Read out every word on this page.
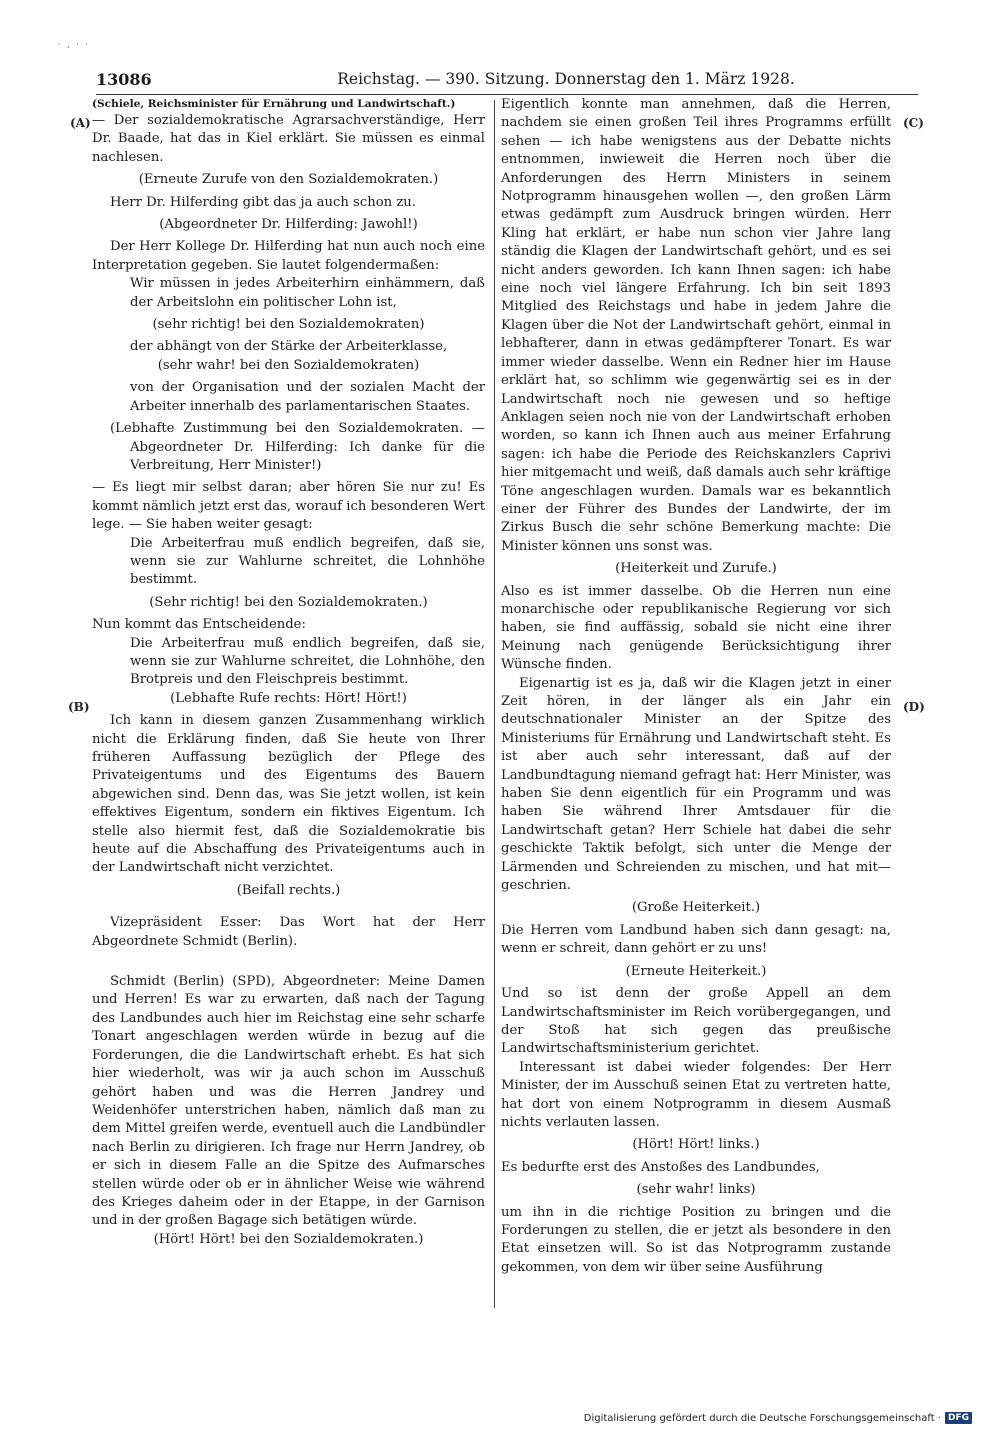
· , · ·
13086	Reichstag. — 390. Sitzung. Donnerstag den 1. März 1928.
(A)
(B)
(C)
(D)

(Schiele, Reichsminister für Ernährung und Landwirtschaft.)

— Der sozialdemokratische Agrarsachverständige, Herr Dr. Baade, hat das in Kiel erklärt. Sie müssen es einmal nachlesen.

(Erneute Zurufe von den Sozialdemokraten.)

Herr Dr. Hilferding gibt das ja auch schon zu.

(Abgeordneter Dr. Hilferding: Jawohl!)

Der Herr Kollege Dr. Hilferding hat nun auch noch eine Interpretation gegeben. Sie lautet folgendermaßen:

Wir müssen in jedes Arbeiterhirn einhämmern, daß der Arbeitslohn ein politischer Lohn ist,

(sehr richtig! bei den Sozialdemokraten)

der abhängt von der Stärke der Arbeiterklasse,

(sehr wahr! bei den Sozialdemokraten)

von der Organisation und der sozialen Macht der Arbeiter innerhalb des parlamentarischen Staates.

(Lebhafte Zustimmung bei den Sozialdemokraten. — Abgeordneter Dr. Hilferding: Ich danke für die Verbreitung, Herr Minister!)

— Es liegt mir selbst daran; aber hören Sie nur zu! Es kommt nämlich jetzt erst das, worauf ich besonderen Wert lege. — Sie haben weiter gesagt:

Die Arbeiterfrau muß endlich begreifen, daß sie, wenn sie zur Wahlurne schreitet, die Lohnhöhe bestimmt.

(Sehr richtig! bei den Sozialdemokraten.)

Nun kommt das Entscheidende:

Die Arbeiterfrau muß endlich begreifen, daß sie, wenn sie zur Wahlurne schreitet, die Lohnhöhe, den Brotpreis und den Fleischpreis bestimmt.

(Lebhafte Rufe rechts: Hört! Hört!)

Ich kann in diesem ganzen Zusammenhang wirklich nicht die Erklärung finden, daß Sie heute von Ihrer früheren Auffassung bezüglich der Pflege des Privateigentums und des Eigentums des Bauern abgewichen sind. Denn das, was Sie jetzt wollen, ist kein effektives Eigentum, sondern ein fiktives Eigentum. Ich stelle also hiermit fest, daß die Sozialdemokratie bis heute auf die Abschaffung des Privateigentums auch in der Landwirtschaft nicht verzichtet.

(Beifall rechts.)

Vizepräsident Esser: Das Wort hat der Herr Abgeordnete Schmidt (Berlin).

Schmidt (Berlin) (SPD), Abgeordneter: Meine Damen und Herren! Es war zu erwarten, daß nach der Tagung des Landbundes auch hier im Reichstag eine sehr scharfe Tonart angeschlagen werden würde in bezug auf die Forderungen, die die Landwirtschaft erhebt. Es hat sich hier wiederholt, was wir ja auch schon im Ausschuß gehört haben und was die Herren Jandrey und Weidenhöfer unterstrichen haben, nämlich daß man zu dem Mittel greifen werde, eventuell auch die Landbündler nach Berlin zu dirigieren. Ich frage nur Herrn Jandrey, ob er sich in diesem Falle an die Spitze des Aufmarsches stellen würde oder ob er in ähnlicher Weise wie während des Krieges daheim oder in der Etappe, in der Garnison und in der großen Bagage sich betätigen würde.

(Hört! Hört! bei den Sozialdemokraten.)

Eigentlich konnte man annehmen, daß die Herren, nachdem sie einen großen Teil ihres Programms erfüllt sehen — ich habe wenigstens aus der Debatte nichts entnommen, inwieweit die Herren noch über die Anforderungen des Herrn Ministers in seinem Notprogramm hinausgehen wollen —, den großen Lärm etwas gedämpft zum Ausdruck bringen würden. Herr Kling hat erklärt, er habe nun schon vier Jahre lang ständig die Klagen der Landwirtschaft gehört, und es sei nicht anders geworden. Ich kann Ihnen sagen: ich habe eine noch viel längere Erfahrung. Ich bin seit 1893 Mitglied des Reichstags und habe in jedem Jahre die Klagen über die Not der Landwirtschaft gehört, einmal in lebhafterer, dann in etwas gedämpfterer Tonart. Es war immer wieder dasselbe. Wenn ein Redner hier im Hause erklärt hat, so schlimm wie gegenwärtig sei es in der Landwirtschaft noch nie gewesen und so heftige Anklagen seien noch nie von der Landwirtschaft erhoben worden, so kann ich Ihnen auch aus meiner Erfahrung sagen: ich habe die Periode des Reichskanzlers Caprivi hier mitgemacht und weiß, daß damals auch sehr kräftige Töne angeschlagen wurden. Damals war es bekanntlich einer der Führer des Bundes der Landwirte, der im Zirkus Busch die sehr schöne Bemerkung machte: Die Minister können uns sonst was.

(Heiterkeit und Zurufe.)

Also es ist immer dasselbe. Ob die Herren nun eine monarchische oder republikanische Regierung vor sich haben, sie find auffässig, sobald sie nicht eine ihrer Meinung nach genügende Berücksichtigung ihrer Wünsche finden.

Eigenartig ist es ja, daß wir die Klagen jetzt in einer Zeit hören, in der länger als ein Jahr ein deutschnationaler Minister an der Spitze des Ministeriums für Ernährung und Landwirtschaft steht. Es ist aber auch sehr interessant, daß auf der Landbundtagung niemand gefragt hat: Herr Minister, was haben Sie denn eigentlich für ein Programm und was haben Sie während Ihrer Amtsdauer für die Landwirtschaft getan? Herr Schiele hat dabei die sehr geschickte Taktik befolgt, sich unter die Menge der Lärmenden und Schreienden zu mischen, und hat mit—geschrien.

(Große Heiterkeit.)

Die Herren vom Landbund haben sich dann gesagt: na, wenn er schreit, dann gehört er zu uns!

(Erneute Heiterkeit.)

Und so ist denn der große Appell an dem Landwirtschaftsminister im Reich vorübergegangen, und der Stoß hat sich gegen das preußische Landwirtschaftsministerium gerichtet.

Interessant ist dabei wieder folgendes: Der Herr Minister, der im Ausschuß seinen Etat zu vertreten hatte, hat dort von einem Notprogramm in diesem Ausmaß nichts verlauten lassen.

(Hört! Hört! links.)

Es bedurfte erst des Anstoßes des Landbundes,

(sehr wahr! links)

um ihn in die richtige Position zu bringen und die Forderungen zu stellen, die er jetzt als besondere in den Etat einsetzen will. So ist das Notprogramm zustande gekommen, von dem wir über seine Ausführung

Digitalisierung gefördert durch die Deutsche Forschungsgemeinschaft · DFG
